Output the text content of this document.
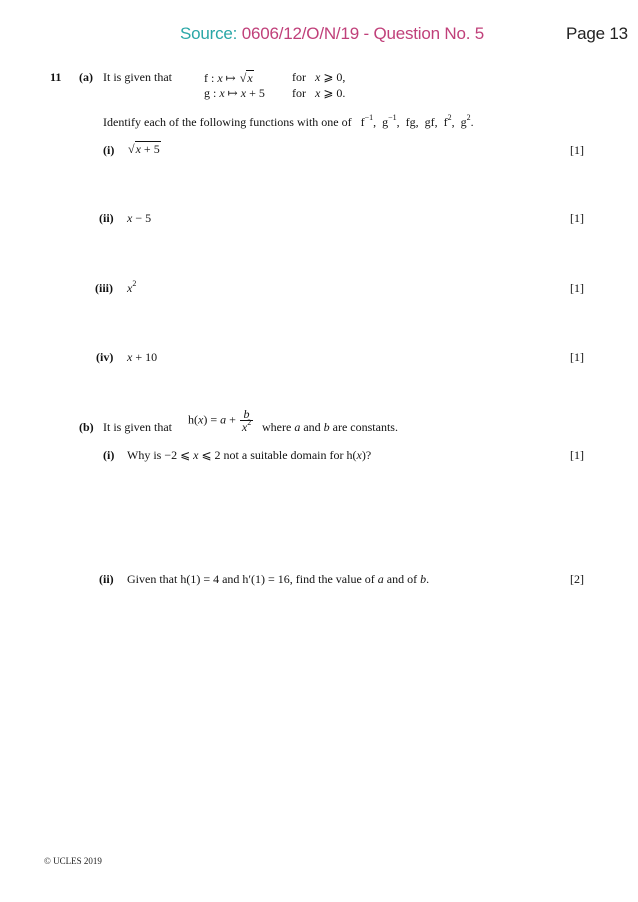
Source: 0606/12/O/N/19 - Question No. 5	Page 13
11 (a) It is given that	f : x ↦ √x	for   x ⩾ 0,
g : x ↦ x + 5 for   x ⩾ 0.
Identify each of the following functions with one of   $f^{-1}$,  $g^{-1}$,  fg,  gf,  $f^2$,  $g^2$.
(i) √x + 5	[1]
(ii) x − 5	[1]
(iii) $x^2$	[1]
(iv) x + 10	[1]
(b) It is given that
$h(x) = a + \frac{b}{x^2}$ where a and b are constants.
(i) Why is −2 ⩽ x ⩽ 2 not a suitable domain for h(x)?	[1]
(ii) Given that h(1) = 4 and h′(1) = 16, find the value of a and of b.	[2]
© UCLES 2019
